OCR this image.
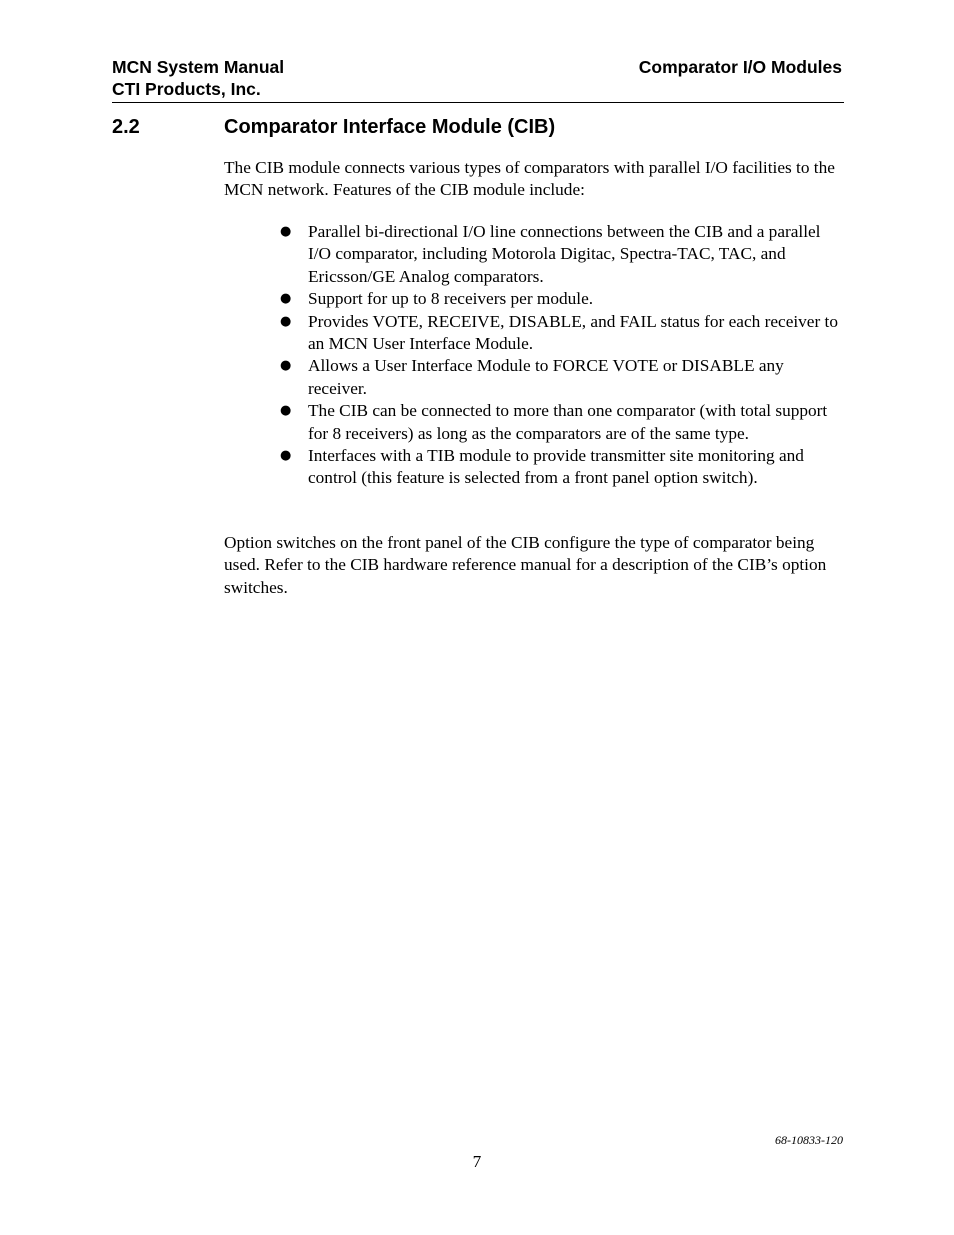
MCN System Manual
CTI Products, Inc.
Comparator I/O Modules
2.2	Comparator Interface Module (CIB)

The CIB module connects various types of comparators with parallel I/O facilities to the MCN network. Features of the CIB module include:

● Parallel bi-directional I/O line connections between the CIB and a parallel I/O comparator, including Motorola Digitac, Spectra-TAC, TAC, and Ericsson/GE Analog comparators.
● Support for up to 8 receivers per module.
● Provides VOTE, RECEIVE, DISABLE, and FAIL status for each receiver to an MCN User Interface Module.
● Allows a User Interface Module to FORCE VOTE or DISABLE any receiver.
● The CIB can be connected to more than one comparator (with total support for 8 receivers) as long as the comparators are of the same type.
● Interfaces with a TIB module to provide transmitter site monitoring and control (this feature is selected from a front panel option switch).

Option switches on the front panel of the CIB configure the type of comparator being used. Refer to the CIB hardware reference manual for a description of the CIB’s option switches.

68-10833-120
7
